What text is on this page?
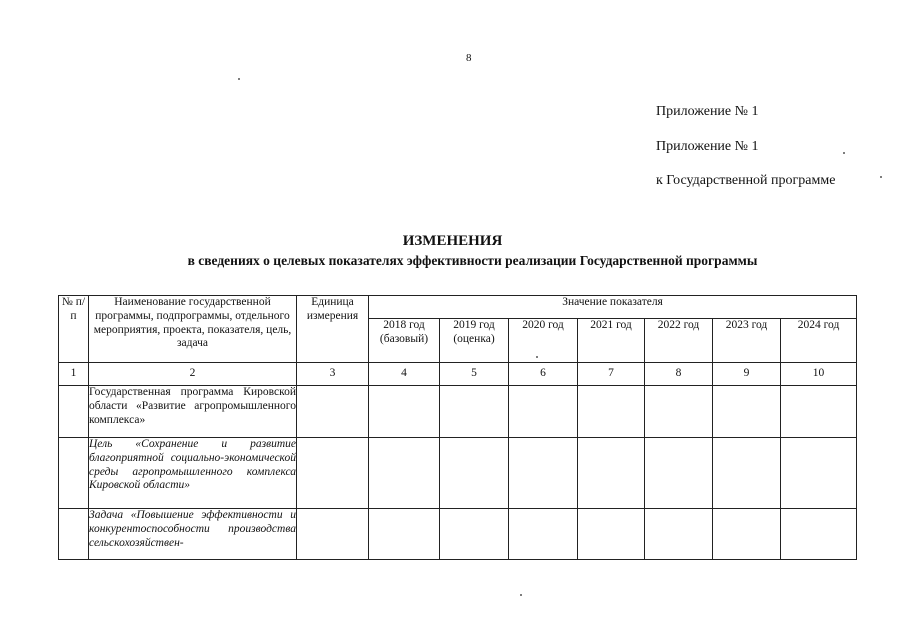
8
Приложение № 1
Приложение № 1
к Государственной программе
ИЗМЕНЕНИЯ
в сведениях о целевых показателях эффективности реализации Государственной программы
№ п/п	Наименование государственной программы, подпрограммы, отдельного мероприятия, проекта, показателя, цель, задача	Единица измерения	Значение показателя						
			2018 год (базовый)	2019 год (оценка)	2020 год	2021 год	2022 год	2023 год	2024 год
1	2	3	4	5	6	7	8	9	10
	Государственная программа Кировской области «Развитие агропромышленного комплекса»								
	Цель «Сохранение и развитие благоприятной социально-экономической среды агропромышленного комплекса Кировской области»								

	Задача «Повышение эффективности и конкурентоспособности производства сельскохозяйствен-								
